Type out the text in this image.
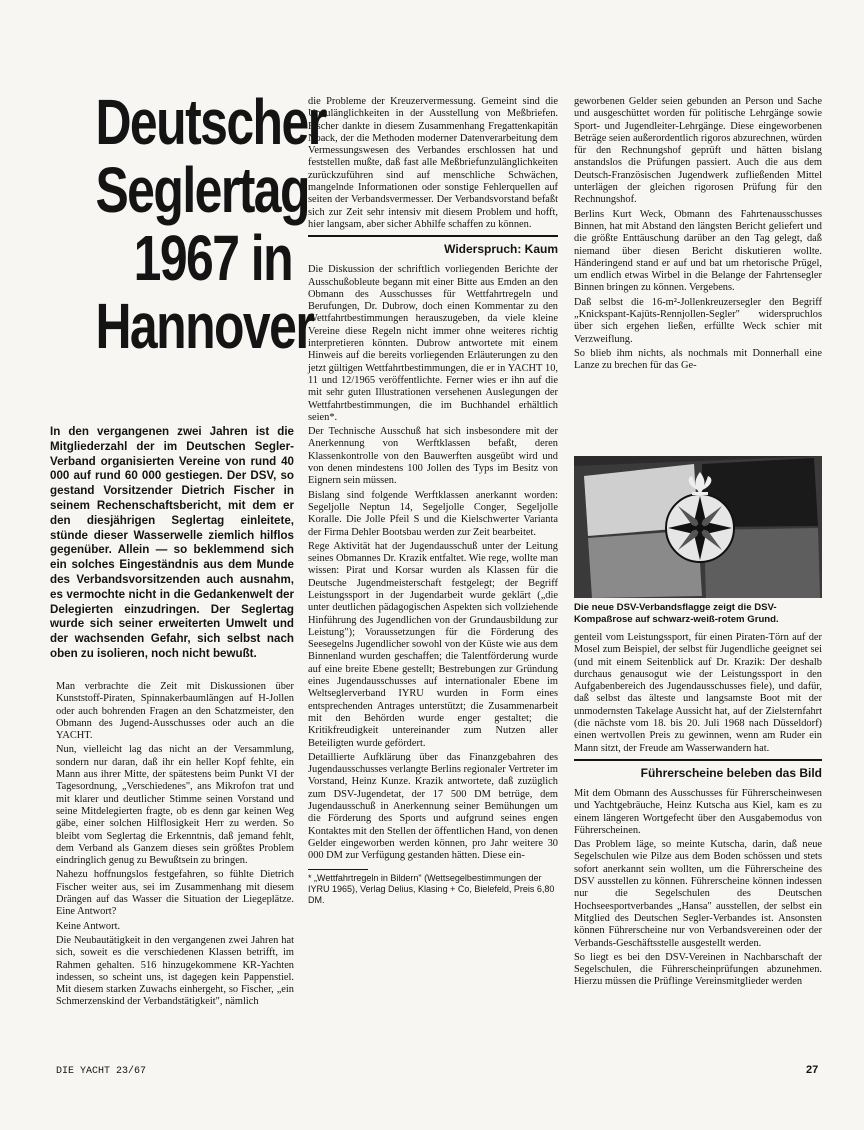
Deutscher
Seglertag
1967 in
Hannover
In den vergangenen zwei Jahren ist die Mitgliederzahl der im Deutschen Segler-Verband organisierten Vereine von rund 40 000 auf rund 60 000 gestiegen. Der DSV, so gestand Vorsitzender Dietrich Fischer in seinem Rechenschaftsbericht, mit dem er den diesjährigen Seglertag einleitete, stünde dieser Wasserwelle ziemlich hilflos gegenüber. Allein — so beklemmend sich ein solches Eingeständnis aus dem Munde des Verbandsvorsitzenden auch ausnahm, es vermochte nicht in die Gedankenwelt der Delegierten einzudringen. Der Seglertag wurde sich seiner erweiterten Umwelt und der wachsenden Gefahr, sich selbst nach oben zu isolieren, noch nicht bewußt.

Man verbrachte die Zeit mit Diskussionen über Kunststoff-Piraten, Spinnakerbaumlängen auf H-Jollen oder auch bohrenden Fragen an den Schatzmeister, den Obmann des Jugend-Ausschusses oder auch an die YACHT.

Nun, vielleicht lag das nicht an der Versammlung, sondern nur daran, daß ihr ein heller Kopf fehlte, ein Mann aus ihrer Mitte, der spätestens beim Punkt VI der Tagesordnung, „Verschiedenes", ans Mikrofon trat und mit klarer und deutlicher Stimme seinen Vorstand und seine Mitdelegierten fragte, ob es denn gar keinen Weg gäbe, einer solchen Hilflosigkeit Herr zu werden. So bleibt vom Seglertag die Erkenntnis, daß jemand fehlt, dem Verband als Ganzem dieses sein größtes Problem eindringlich genug zu Bewußtsein zu bringen.

Nahezu hoffnungslos festgefahren, so fühlte Dietrich Fischer weiter aus, sei im Zusammenhang mit diesem Drängen auf das Wasser die Situation der Liegeplätze. Eine Antwort?

Keine Antwort.

Die Neubautätigkeit in den vergangenen zwei Jahren hat sich, soweit es die verschiedenen Klassen betrifft, im Rahmen gehalten. 516 hinzugekommene KR-Yachten indessen, so scheint uns, ist dagegen kein Pappenstiel. Mit diesem starken Zuwachs einhergeht, so Fischer, „ein Schmerzenskind der Verbandstätigkeit", nämlich

die Probleme der Kreuzervermessung. Gemeint sind die Unzulänglichkeiten in der Ausstellung von Meßbriefen. Fischer dankte in diesem Zusammenhang Fregattenkapitän Noack, der die Methoden moderner Datenverarbeitung dem Vermessungswesen des Verbandes erschlossen hat und feststellen mußte, daß fast alle Meßbriefunzulänglichkeiten zurückzuführen sind auf menschliche Schwächen, mangelnde Informationen oder sonstige Fehlerquellen auf seiten der Verbandsvermesser. Der Verbandsvorstand befaßt sich zur Zeit sehr intensiv mit diesem Problem und hofft, hier langsam, aber sicher Abhilfe schaffen zu können.

Widerspruch: Kaum

Die Diskussion der schriftlich vorliegenden Berichte der Ausschußobleute begann mit einer Bitte aus Emden an den Obmann des Ausschusses für Wettfahrtregeln und Berufungen, Dr. Dubrow, doch einen Kommentar zu den Wettfahrtbestimmungen herauszugeben, da viele kleine Vereine diese Regeln nicht immer ohne weiteres richtig interpretieren könnten. Dubrow antwortete mit einem Hinweis auf die bereits vorliegenden Erläuterungen zu den jetzt gültigen Wettfahrtbestimmungen, die er in YACHT 10, 11 und 12/1965 veröffentlichte. Ferner wies er ihn auf die mit sehr guten Illustrationen versehenen Auslegungen der Wettfahrtbestimmungen, die im Buchhandel erhältlich seien*.

Der Technische Ausschuß hat sich insbesondere mit der Anerkennung von Werftklassen befaßt, deren Klassenkontrolle von den Bauwerften ausgeübt wird und von denen mindestens 100 Jollen des Typs im Besitz von Eignern sein müssen.

Bislang sind folgende Werftklassen anerkannt worden: Segeljolle Neptun 14, Segeljolle Conger, Segeljolle Koralle. Die Jolle Pfeil S und die Kielschwerter Varianta der Firma Dehler Bootsbau werden zur Zeit bearbeitet.

Rege Aktivität hat der Jugendausschuß unter der Leitung seines Obmannes Dr. Krazik entfaltet. Wie rege, wollte man wissen: Pirat und Korsar wurden als Klassen für die Deutsche Jugendmeisterschaft festgelegt; der Begriff Leistungssport in der Jugendarbeit wurde geklärt („die unter deutlichen pädagogischen Aspekten sich vollziehende Hinführung des Jugendlichen von der Grundausbildung zur Leistung"); Voraussetzungen für die Förderung des Seesegelns Jugendlicher sowohl von der Küste wie aus dem Binnenland wurden geschaffen; die Talentförderung wurde auf eine breite Ebene gestellt; Bestrebungen zur Gründung eines Jugendausschusses auf internationaler Ebene im Weltseglerverband IYRU wurden in Form eines entsprechenden Antrages unterstützt; die Zusammenarbeit mit den Behörden wurde enger gestaltet; die Kritikfreudigkeit untereinander zum Nutzen aller Beteiligten wurde gefördert.

Detaillierte Aufklärung über das Finanzgebahren des Jugendausschusses verlangte Berlins regionaler Vertreter im Vorstand, Heinz Kunze. Krazik antwortete, daß zuzüglich zum DSV-Jugendetat, der 17 500 DM betrüge, dem Jugendausschuß in Anerkennung seiner Bemühungen um die Förderung des Sports und aufgrund seines engen Kontaktes mit den Stellen der öffentlichen Hand, von denen Gelder eingeworben werden können, pro Jahr weitere 30 000 DM zur Verfügung gestanden hätten. Diese ein-

* „Wettfahrtregeln in Bildern" (Wettsegelbestimmungen der IYRU 1965), Verlag Delius, Klasing + Co, Bielefeld, Preis 6,80 DM.

geworbenen Gelder seien gebunden an Person und Sache und ausgeschüttet worden für politische Lehrgänge sowie Sport- und Jugendleiter-Lehrgänge. Diese eingeworbenen Beträge seien außerordentlich rigoros abzurechnen, würden für den Rechnungshof geprüft und hätten bislang anstandslos die Prüfungen passiert. Auch die aus dem Deutsch-Französischen Jugendwerk zufließenden Mittel unterlägen der gleichen rigorosen Prüfung für den Rechnungshof.

Berlins Kurt Weck, Obmann des Fahrtenausschusses Binnen, hat mit Abstand den längsten Bericht geliefert und die größte Enttäuschung darüber an den Tag gelegt, daß niemand über diesen Bericht diskutieren wollte. Händeringend stand er auf und bat um rhetorische Prügel, um endlich etwas Wirbel in die Belange der Fahrtensegler Binnen bringen zu können. Vergebens.

Daß selbst die 16-m²-Jollenkreuzersegler den Begriff „Knickspant-Kajüts-Rennjollen-Segler" widerspruchlos über sich ergehen ließen, erfüllte Weck schier mit Verzweiflung.

So blieb ihm nichts, als nochmals mit Donnerhall eine Lanze zu brechen für das Ge-

Die neue DSV-Verbandsflagge zeigt die DSV-Kompaßrose auf schwarz-weiß-rotem Grund.

genteil vom Leistungssport, für einen Piraten-Törn auf der Mosel zum Beispiel, der selbst für Jugendliche geeignet sei (und mit einem Seitenblick auf Dr. Krazik: Der deshalb durchaus genausogut wie der Leistungssport in den Aufgabenbereich des Jugendausschusses fiele), und dafür, daß selbst das älteste und langsamste Boot mit der unmodernsten Takelage Aussicht hat, auf der Zielsternfahrt (die nächste vom 18. bis 20. Juli 1968 nach Düsseldorf) einen wertvollen Preis zu gewinnen, wenn am Ruder ein Mann sitzt, der Freude am Wasserwandern hat.

Führerscheine beleben das Bild

Mit dem Obmann des Ausschusses für Führerscheinwesen und Yachtgebräuche, Heinz Kutscha aus Kiel, kam es zu einem längeren Wortgefecht über den Ausgabemodus von Führerscheinen.

Das Problem läge, so meinte Kutscha, darin, daß neue Segelschulen wie Pilze aus dem Boden schössen und stets sofort anerkannt sein wollten, um die Führerscheine des DSV ausstellen zu können. Führerscheine können indessen nur die Segelschulen des Deutschen Hochseesportverbandes „Hansa" ausstellen, der selbst ein Mitglied des Deutschen Segler-Verbandes ist. Ansonsten können Führerscheine nur von Verbandsvereinen oder der Verbands-Geschäftsstelle ausgestellt werden.

So liegt es bei den DSV-Vereinen in Nachbarschaft der Segelschulen, die Führerscheinprüfungen abzunehmen. Hierzu müssen die Prüflinge Vereinsmitglieder werden

DIE YACHT 23/67	27
